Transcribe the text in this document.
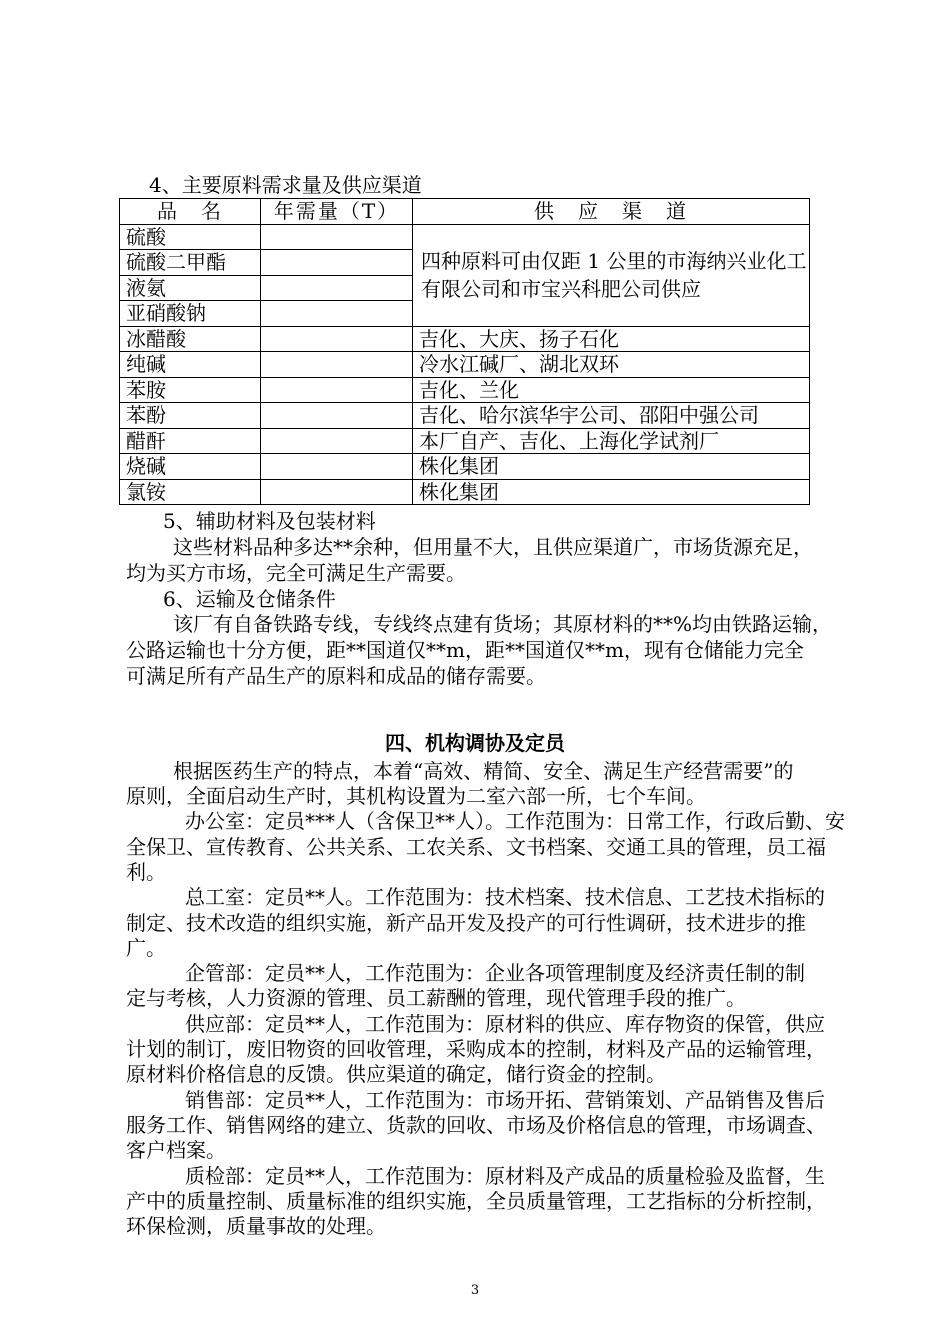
4、主要原料需求量及供应渠道
品　名	年需量（T）	供　应　渠　道
硫酸		四种原料可由仅距 1 公里的市海纳兴业化工有限公司和市宝兴科肥公司供应
硫酸二甲酯		
液氨		
亚硝酸钠		
冰醋酸		吉化、大庆、扬子石化
纯碱		冷水江碱厂、湖北双环
苯胺		吉化、兰化
苯酚		吉化、哈尔滨华宇公司、邵阳中强公司
醋酐		本厂自产、吉化、上海化学试剂厂
烧碱		株化集团
氯铵		株化集团
5、辅助材料及包装材料
这些材料品种多达**余种，但用量不大，且供应渠道广，市场货源充足，
均为买方市场，完全可满足生产需要。
6、运输及仓储条件
该厂有自备铁路专线，专线终点建有货场；其原材料的**%均由铁路运输，
公路运输也十分方便，距**国道仅**m，距**国道仅**m，现有仓储能力完全
可满足所有产品生产的原料和成品的储存需要。
四、机构调协及定员
根据医药生产的特点，本着“高效、精简、安全、满足生产经营需要”的
原则，全面启动生产时，其机构设置为二室六部一所，七个车间。
办公室：定员***人（含保卫**人）。工作范围为：日常工作，行政后勤、安
全保卫、宣传教育、公共关系、工农关系、文书档案、交通工具的管理，员工福
利。
总工室：定员**人。工作范围为：技术档案、技术信息、工艺技术指标的
制定、技术改造的组织实施，新产品开发及投产的可行性调研，技术进步的推
广。
企管部：定员**人，工作范围为：企业各项管理制度及经济责任制的制
定与考核，人力资源的管理、员工薪酬的管理，现代管理手段的推广。
供应部：定员**人，工作范围为：原材料的供应、库存物资的保管，供应
计划的制订，废旧物资的回收管理，采购成本的控制，材料及产品的运输管理，
原材料价格信息的反馈。供应渠道的确定，储行资金的控制。
销售部：定员**人，工作范围为：市场开拓、营销策划、产品销售及售后
服务工作、销售网络的建立、货款的回收、市场及价格信息的管理，市场调查、
客户档案。
质检部：定员**人，工作范围为：原材料及产成品的质量检验及监督，生
产中的质量控制、质量标准的组织实施，全员质量管理，工艺指标的分析控制，
环保检测，质量事故的处理。
3
